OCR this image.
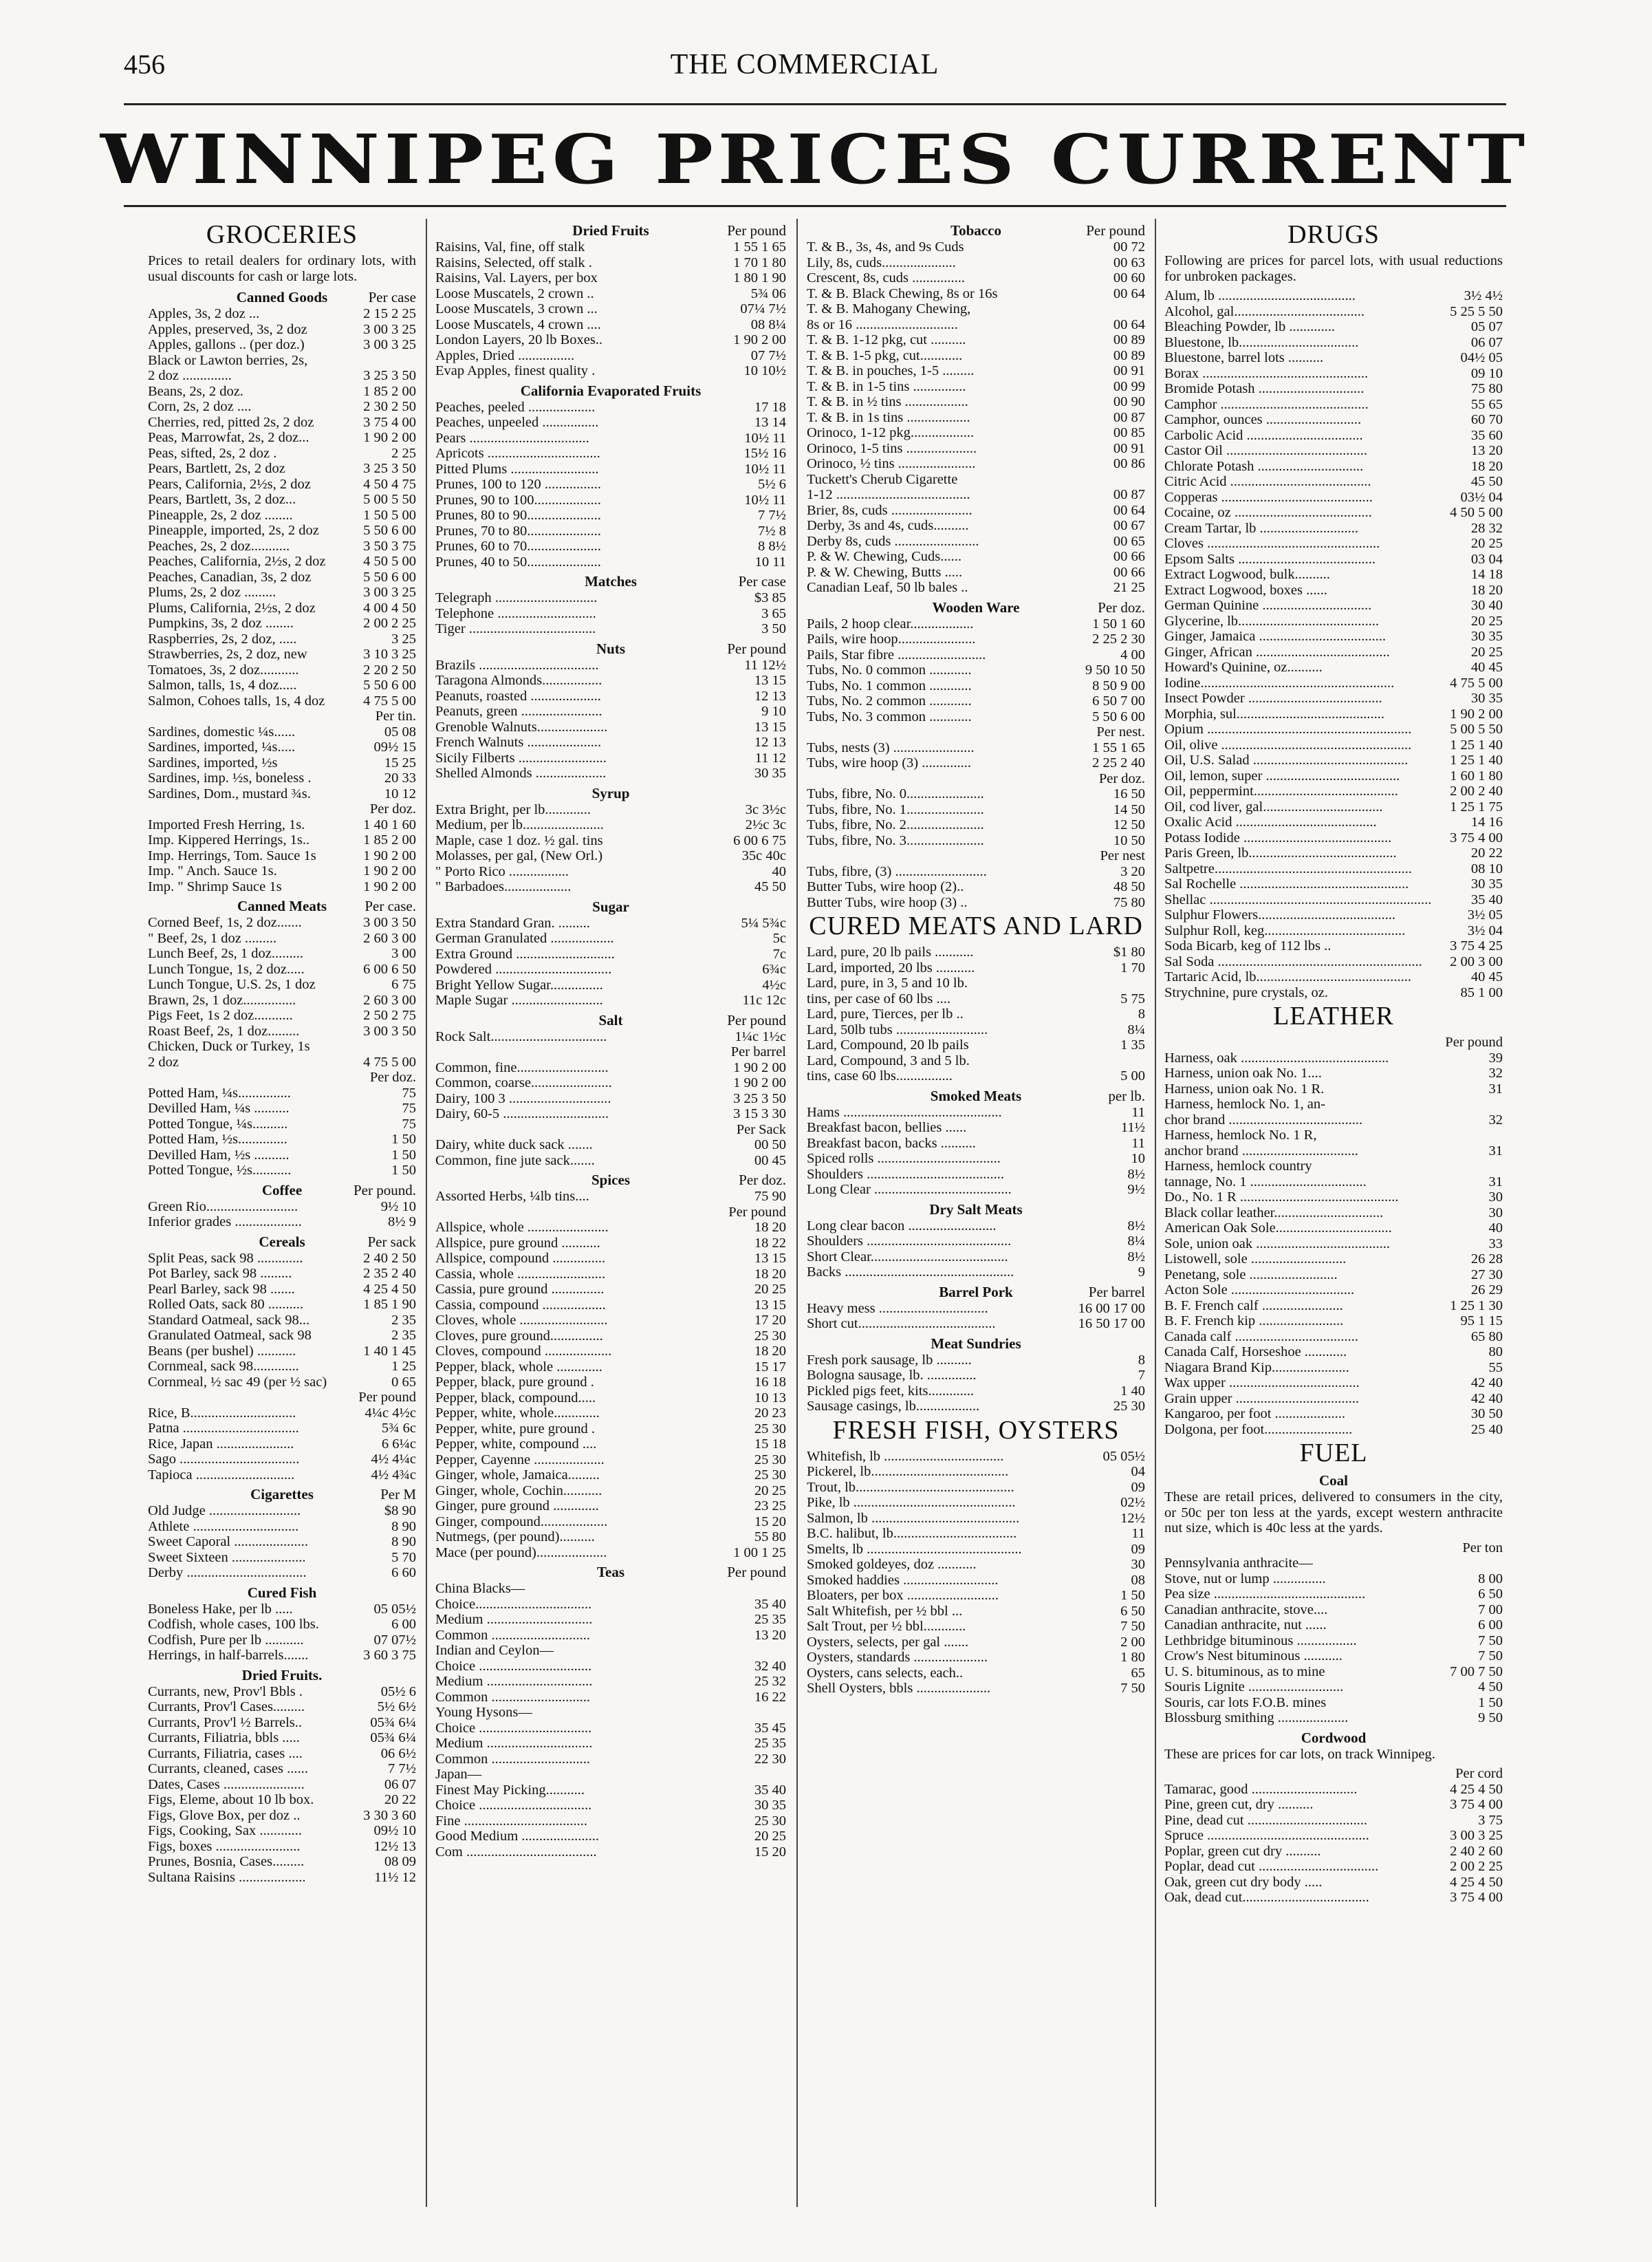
456	THE COMMERCIAL
WINNIPEG PRICES CURRENT
GROCERIES
Prices to retail dealers for ordinary lots, with usual discounts for cash or large lots.
Canned Goods	Per case
Apples, 3s, 2 doz ...	2 15 2 25
Apples, preserved, 3s, 2 doz	3 00 3 25
Apples, gallons .. (per doz.)	3 00 3 25
Black or Lawton berries, 2s,
2 doz ..............	3 25 3 50
Beans, 2s, 2 doz.	1 85 2 00
Corn, 2s, 2 doz ....	2 30 2 50
Cherries, red, pitted 2s, 2 doz	3 75 4 00
Peas, Marrowfat, 2s, 2 doz...	1 90 2 00
Peas, sifted, 2s, 2 doz .	2 25
Pears, Bartlett, 2s, 2 doz	3 25 3 50
Pears, California, 2½s, 2 doz	4 50 4 75
Pears, Bartlett, 3s, 2 doz...	5 00 5 50
Pineapple, 2s, 2 doz ........	1 50 5 00
Pineapple, imported, 2s, 2 doz	5 50 6 00
Peaches, 2s, 2 doz...........	3 50 3 75
Peaches, California, 2½s, 2 doz	4 50 5 00
Peaches, Canadian, 3s, 2 doz	5 50 6 00
Plums, 2s, 2 doz .........	3 00 3 25
Plums, California, 2½s, 2 doz	4 00 4 50
Pumpkins, 3s, 2 doz ........	2 00 2 25
Raspberries, 2s, 2 doz, .....	3 25
Strawberries, 2s, 2 doz, new	3 10 3 25
Tomatoes, 3s, 2 doz...........	2 20 2 50
Salmon, talls, 1s, 4 doz.....	5 50 6 00
Salmon, Cohoes talls, 1s, 4 doz	4 75 5 00
Per tin.
Sardines, domestic ¼s......	05 08
Sardines, imported, ¼s.....	09½ 15
Sardines, imported, ½s	15 25
Sardines, imp. ½s, boneless .	20 33
Sardines, Dom., mustard ¾s.	10 12
Per doz.
Imported Fresh Herring, 1s.	1 40 1 60
Imp. Kippered Herrings, 1s..	1 85 2 00
Imp. Herrings, Tom. Sauce 1s	1 90 2 00
Imp. " Anch. Sauce 1s.	1 90 2 00
Imp. " Shrimp Sauce 1s	1 90 2 00
Canned Meats	Per case.
Corned Beef, 1s, 2 doz.......	3 00 3 50
" Beef, 2s, 1 doz .........	2 60 3 00
Lunch Beef, 2s, 1 doz.........	3 00
Lunch Tongue, 1s, 2 doz.....	6 00 6 50
Lunch Tongue, U.S. 2s, 1 doz	6 75
Brawn, 2s, 1 doz...............	2 60 3 00
Pigs Feet, 1s 2 doz...........	2 50 2 75
Roast Beef, 2s, 1 doz.........	3 00 3 50
Chicken, Duck or Turkey, 1s
2 doz	4 75 5 00
Per doz.
Potted Ham, ¼s...............	75
Devilled Ham, ¼s ..........	75
Potted Tongue, ¼s..........	75
Potted Ham, ½s..............	1 50
Devilled Ham, ½s ..........	1 50
Potted Tongue, ½s...........	1 50
Coffee	Per pound.
Green Rio..........................	9½ 10
Inferior grades ...................	8½ 9
Cereals	Per sack
Split Peas, sack 98 .............	2 40 2 50
Pot Barley, sack 98 .........	2 35 2 40
Pearl Barley, sack 98 .......	4 25 4 50
Rolled Oats, sack 80 ..........	1 85 1 90
Standard Oatmeal, sack 98...	2 35
Granulated Oatmeal, sack 98	2 35
Beans (per bushel) ...........	1 40 1 45
Cornmeal, sack 98.............	1 25
Cornmeal, ½ sac 49 (per ½ sac)	0 65
Per pound
Rice, B..............................	4¼c 4½c
Patna .................................	5¾ 6c
Rice, Japan ......................	6 6¼c
Sago ..................................	4½ 4¼c
Tapioca ............................	4½ 4¾c
Cigarettes	Per M
Old Judge ..........................	$8 90
Athlete ..............................	8 90
Sweet Caporal .....................	8 90
Sweet Sixteen .....................	5 70
Derby ..................................	6 60
Cured Fish
Boneless Hake, per lb .....	05 05½
Codfish, whole cases, 100 lbs.	6 00
Codfish, Pure per lb ...........	07 07½
Herrings, in half-barrels.......	3 60 3 75
Dried Fruits.
Currants, new, Prov'l Bbls .	05½ 6
Currants, Prov'l Cases.........	5½ 6½
Currants, Prov'l ½ Barrels..	05¾ 6¼
Currants, Filiatria, bbls .....	05¾ 6¼
Currants, Filiatria, cases ....	06 6½
Currants, cleaned, cases ......	7 7½
Dates, Cases .......................	06 07
Figs, Eleme, about 10 lb box.	20 22
Figs, Glove Box, per doz ..	3 30 3 60
Figs, Cooking, Sax ............	09½ 10
Figs, boxes ........................	12½ 13
Prunes, Bosnia, Cases.........	08 09
Sultana Raisins ...................	11½ 12
Dried Fruits	Per pound
Raisins, Val, fine, off stalk	1 55 1 65
Raisins, Selected, off stalk .	1 70 1 80
Raisins, Val. Layers, per box	1 80 1 90
Loose Muscatels, 2 crown ..	5¾ 06
Loose Muscatels, 3 crown ...	07¼ 7½
Loose Muscatels, 4 crown ....	08 8¼
London Layers, 20 lb Boxes..	1 90 2 00
Apples, Dried ................	07 7½
Evap Apples, finest quality .	10 10½
California Evaporated Fruits
Peaches, peeled ...................	17 18
Peaches, unpeeled ................	13 14
Pears ..................................	10½ 11
Apricots ................................	15½ 16
Pitted Plums .........................	10½ 11
Prunes, 100 to 120 ................	5½ 6
Prunes, 90 to 100...................	10½ 11
Prunes, 80 to 90.....................	7 7½
Prunes, 70 to 80.....................	7½ 8
Prunes, 60 to 70.....................	8 8½
Prunes, 40 to 50.....................	10 11
Matches	Per case
Telegraph .............................	$3 85
Telephone ............................	3 65
Tiger ....................................	3 50
Nuts	Per pound
Brazils ..................................	11 12½
Taragona Almonds.................	13 15
Peanuts, roasted ....................	12 13
Peanuts, green .......................	9 10
Grenoble Walnuts....................	13 15
French Walnuts .....................	12 13
Sicily Filberts .........................	11 12
Shelled Almonds ....................	30 35
Syrup
Extra Bright, per lb.............	3c 3½c
Medium, per lb.......................	2½c 3c
Maple, case 1 doz. ½ gal. tins	6 00 6 75
Molasses, per gal, (New Orl.)	35c 40c
" Porto Rico .................	40
" Barbadoes...................	45 50
Sugar
Extra Standard Gran. .........	5¼ 5¾c
German Granulated ..................	5c
Extra Ground ............................	7c
Powdered .................................	6¾c
Bright Yellow Sugar...............	4½c
Maple Sugar ..........................	11c 12c
Salt	Per pound
Rock Salt.................................	1¼c 1½c
Per barrel
Common, fine..........................	1 90 2 00
Common, coarse.......................	1 90 2 00
Dairy, 100 3 .............................	3 25 3 50
Dairy, 60-5 ..............................	3 15 3 30
Per Sack
Dairy, white duck sack .......	00 50
Common, fine jute sack.......	00 45
Spices	Per doz.
Assorted Herbs, ¼lb tins....	75 90
Per pound
Allspice, whole .......................	18 20
Allspice, pure ground ...........	18 22
Allspice, compound ...............	13 15
Cassia, whole .........................	18 20
Cassia, pure ground ...............	20 25
Cassia, compound ..................	13 15
Cloves, whole .........................	17 20
Cloves, pure ground...............	25 30
Cloves, compound ...................	18 20
Pepper, black, whole .............	15 17
Pepper, black, pure ground .	16 18
Pepper, black, compound.....	10 13
Pepper, white, whole.............	20 23
Pepper, white, pure ground .	25 30
Pepper, white, compound ....	15 18
Pepper, Cayenne ....................	25 30
Ginger, whole, Jamaica.........	25 30
Ginger, whole, Cochin...........	20 25
Ginger, pure ground .............	23 25
Ginger, compound...................	15 20
Nutmegs, (per pound)..........	55 80
Mace (per pound)....................	1 00 1 25
Teas	Per pound
China Blacks—
Choice.................................	35 40
Medium ..............................	25 35
Common ............................	13 20
Indian and Ceylon—
Choice ................................	32 40
Medium ..............................	25 32
Common ............................	16 22
Young Hysons—
Choice ................................	35 45
Medium ..............................	25 35
Common ............................	22 30
Japan—
Finest May Picking...........	35 40
Choice ................................	30 35
Fine ...................................	25 30
Good Medium ......................	20 25
Com .....................................	15 20
Tobacco	Per pound
T. & B., 3s, 4s, and 9s Cuds	00 72
Lily, 8s, cuds.....................	00 63
Crescent, 8s, cuds ...............	00 60
T. & B. Black Chewing, 8s or 16s	00 64
T. & B. Mahogany Chewing,
8s or 16 .............................	00 64
T. & B. 1-12 pkg, cut ..........	00 89
T. & B. 1-5 pkg, cut............	00 89
T. & B. in pouches, 1-5 .........	00 91
T. & B. in 1-5 tins ...............	00 99
T. & B. in ½ tins ..................	00 90
T. & B. in 1s tins ..................	00 87
Orinoco, 1-12 pkg..................	00 85
Orinoco, 1-5 tins ....................	00 91
Orinoco, ½ tins ......................	00 86
Tuckett's Cherub Cigarette
1-12 ......................................	00 87
Brier, 8s, cuds .......................	00 64
Derby, 3s and 4s, cuds..........	00 67
Derby 8s, cuds ........................	00 65
P. & W. Chewing, Cuds......	00 66
P. & W. Chewing, Butts .....	00 66
Canadian Leaf, 50 lb bales ..	21 25
Wooden Ware	Per doz.
Pails, 2 hoop clear..................	1 50 1 60
Pails, wire hoop......................	2 25 2 30
Pails, Star fibre .........................	4 00
Tubs, No. 0 common ............	9 50 10 50
Tubs, No. 1 common ............	8 50 9 00
Tubs, No. 2 common ............	6 50 7 00
Tubs, No. 3 common ............	5 50 6 00
Per nest.
Tubs, nests (3) .......................	1 55 1 65
Tubs, wire hoop (3) ..............	2 25 2 40
Per doz.
Tubs, fibre, No. 0......................	16 50
Tubs, fibre, No. 1......................	14 50
Tubs, fibre, No. 2......................	12 50
Tubs, fibre, No. 3......................	10 50
Per nest
Tubs, fibre, (3) ..........................	3 20
Butter Tubs, wire hoop (2)..	48 50
Butter Tubs, wire hoop (3) ..	75 80
CURED MEATS AND LARD
Lard, pure, 20 lb pails ...........	$1 80
Lard, imported, 20 lbs ...........	1 70
Lard, pure, in 3, 5 and 10 lb.
tins, per case of 60 lbs ....	5 75
Lard, pure, Tierces, per lb ..	8
Lard, 50lb tubs ..........................	8¼
Lard, Compound, 20 lb pails	1 35
Lard, Compound, 3 and 5 lb.
tins, case 60 lbs................	5 00
Smoked Meats	per lb.
Hams .............................................	11
Breakfast bacon, bellies ......	11½
Breakfast bacon, backs ..........	11
Spiced rolls ...................................	10
Shoulders .......................................	8½
Long Clear .......................................	9½
Dry Salt Meats
Long clear bacon .........................	8½
Shoulders .........................................	8¼
Short Clear.......................................	8½
Backs ................................................	9
Barrel Pork	Per barrel
Heavy mess ...............................	16 00 17 00
Short cut.......................................	16 50 17 00
Meat Sundries
Fresh pork sausage, lb ..........	8
Bologna sausage, lb. ..............	7
Pickled pigs feet, kits.............	1 40
Sausage casings, lb..................	25 30
FRESH FISH, OYSTERS
Whitefish, lb ..................................	05 05½
Pickerel, lb.......................................	04
Trout, lb.............................................	09
Pike, lb ..............................................	02½
Salmon, lb ..........................................	12½
B.C. halibut, lb...................................	11
Smelts, lb ............................................	09
Smoked goldeyes, doz ...........	30
Smoked haddies ...........................	08
Bloaters, per box ..........................	1 50
Salt Whitefish, per ½ bbl ...	6 50
Salt Trout, per ½ bbl............	7 50
Oysters, selects, per gal .......	2 00
Oysters, standards .....................	1 80
Oysters, cans selects, each..	65
Shell Oysters, bbls .....................	7 50
DRUGS
Following are prices for parcel lots, with usual reductions for unbroken packages.
Alum, lb .......................................	3½ 4½
Alcohol, gal.....................................	5 25 5 50
Bleaching Powder, lb .............	05 07
Bluestone, lb..................................	06 07
Bluestone, barrel lots ..........	04½ 05
Borax ...............................................	09 10
Bromide Potash ..............................	75 80
Camphor ..........................................	55 65
Camphor, ounces ...........................	60 70
Carbolic Acid .................................	35 60
Castor Oil ........................................	13 20
Chlorate Potash ..............................	18 20
Citric Acid ........................................	45 50
Copperas ...........................................	03½ 04
Cocaine, oz .......................................	4 50 5 00
Cream Tartar, lb ............................	28 32
Cloves .................................................	20 25
Epsom Salts .......................................	03 04
Extract Logwood, bulk..........	14 18
Extract Logwood, boxes ......	18 20
German Quinine ...............................	30 40
Glycerine, lb........................................	20 25
Ginger, Jamaica ....................................	30 35
Ginger, African ......................................	20 25
Howard's Quinine, oz..........	40 45
Iodine.......................................................	4 75 5 00
Insect Powder ......................................	30 35
Morphia, sul..........................................	1 90 2 00
Opium ..........................................................	5 00 5 50
Oil, olive ......................................................	1 25 1 40
Oil, U.S. Salad ............................................	1 25 1 40
Oil, lemon, super ......................................	1 60 1 80
Oil, peppermint.........................................	2 00 2 40
Oil, cod liver, gal..................................	1 25 1 75
Oxalic Acid ........................................	14 16
Potass Iodide ..........................................	3 75 4 00
Paris Green, lb..........................................	20 22
Saltpetre........................................................	08 10
Sal Rochelle ................................................	30 35
Shellac ...............................................................	35 40
Sulphur Flowers.......................................	3½ 05
Sulphur Roll, keg........................................	3½ 04
Soda Bicarb, keg of 112 lbs ..	3 75 4 25
Sal Soda ..........................................................	2 00 3 00
Tartaric Acid, lb............................................	40 45
Strychnine, pure crystals, oz.	85 1 00
LEATHER
Per pound
Harness, oak ..........................................	39
Harness, union oak No. 1....	32
Harness, union oak No. 1 R.	31
Harness, hemlock No. 1, an-
chor brand ......................................	32
Harness, hemlock No. 1 R,
anchor brand .................................	31
Harness, hemlock country
tannage, No. 1 .................................	31
Do., No. 1 R .............................................	30
Black collar leather...............................	30
American Oak Sole.................................	40
Sole, union oak ......................................	33
Listowell, sole ...........................	26 28
Penetang, sole .........................	27 30
Acton Sole ...................................	26 29
B. F. French calf .......................	1 25 1 30
B. F. French kip ........................	95 1 15
Canada calf ...................................	65 80
Canada Calf, Horseshoe ............	80
Niagara Brand Kip......................	55
Wax upper .....................................	42 40
Grain upper ...................................	42 40
Kangaroo, per foot ....................	30 50
Dolgona, per foot.........................	25 40
FUEL
Coal
These are retail prices, delivered to consumers in the city, or 50c per ton less at the yards, except western anthracite nut size, which is 40c less at the yards.
Per ton
Pennsylvania anthracite—
Stove, nut or lump ...............	8 00
Pea size ...........................................	6 50
Canadian anthracite, stove....	7 00
Canadian anthracite, nut ......	6 00
Lethbridge bituminous .................	7 50
Crow's Nest bituminous ...........	7 50
U. S. bituminous, as to mine	7 00 7 50
Souris Lignite ...........................	4 50
Souris, car lots F.O.B. mines	1 50
Blossburg smithing ....................	9 50
Cordwood
These are prices for car lots, on track Winnipeg.
Per cord
Tamarac, good ..............................	4 25 4 50
Pine, green cut, dry ..........	3 75 4 00
Pine, dead cut ..................................	3 75
Spruce ..............................................	3 00 3 25
Poplar, green cut dry ..........	2 40 2 60
Poplar, dead cut ..................................	2 00 2 25
Oak, green cut dry body .....	4 25 4 50
Oak, dead cut....................................	3 75 4 00
